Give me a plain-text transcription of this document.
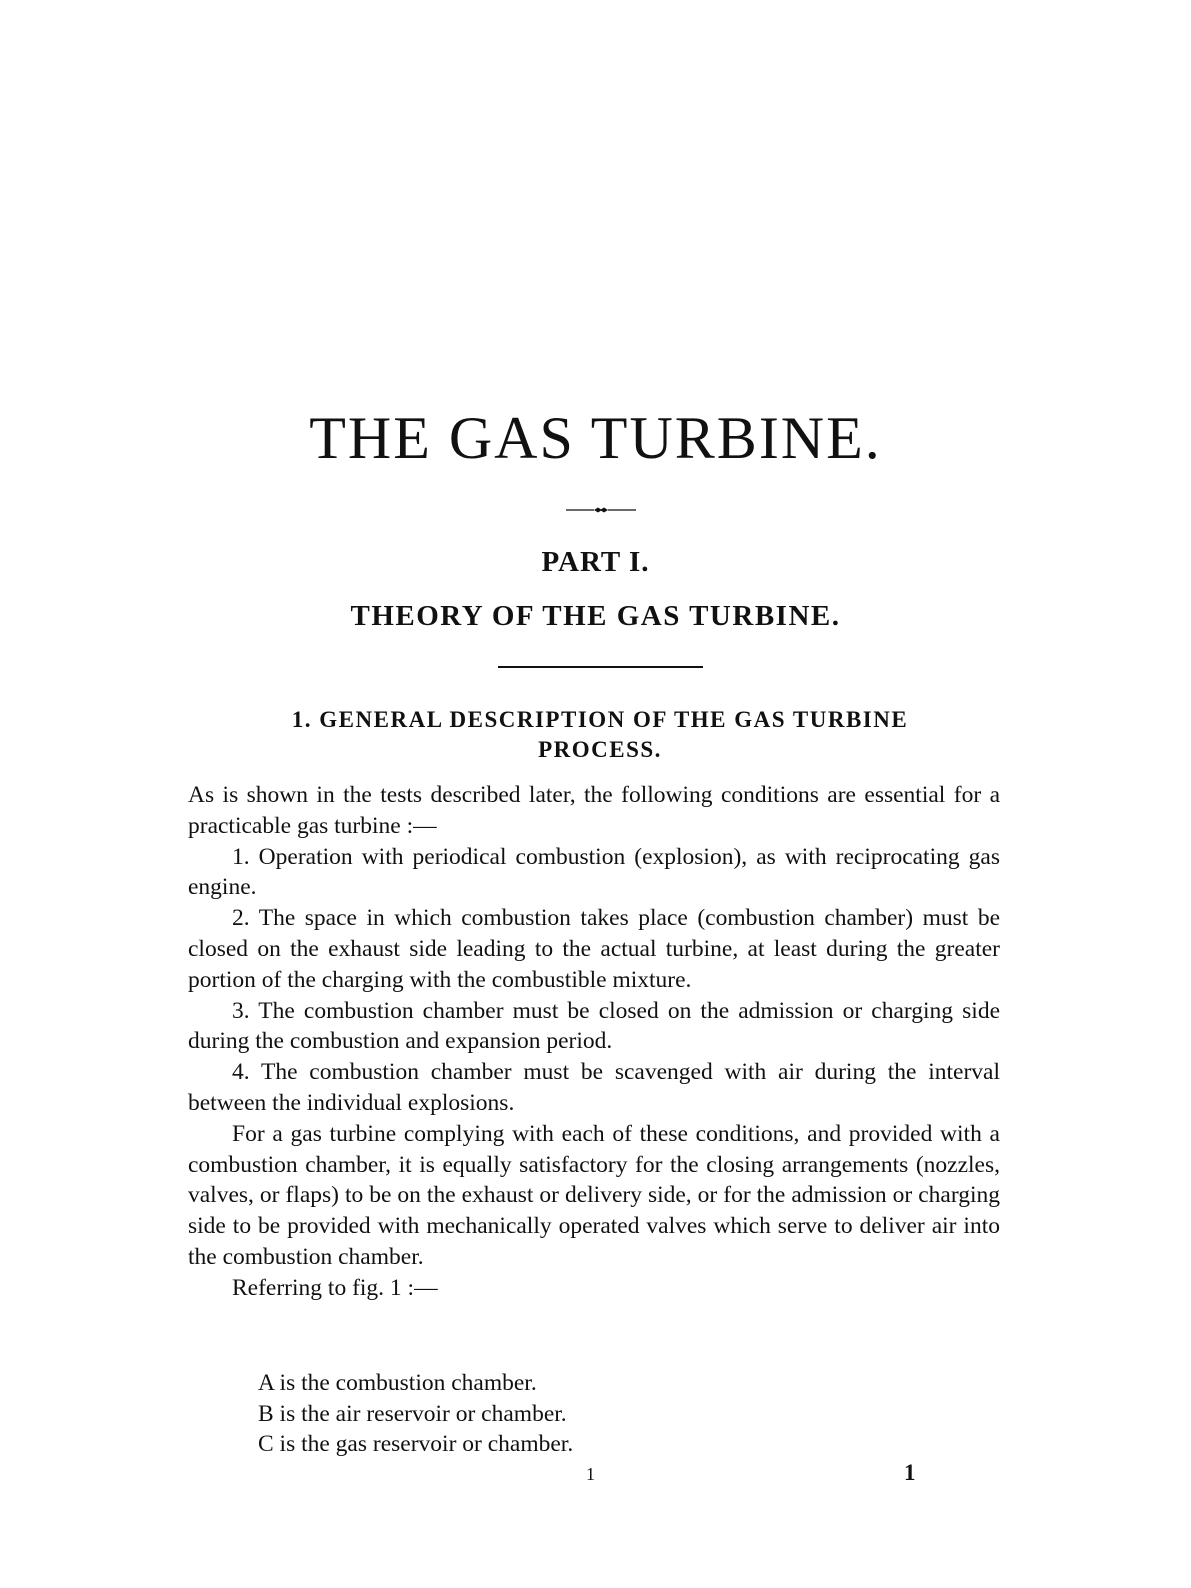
THE GAS TURBINE.
PART I.
THEORY OF THE GAS TURBINE.
1. GENERAL DESCRIPTION OF THE GAS TURBINE
PROCESS.

As is shown in the tests described later, the following conditions are essential for a practicable gas turbine :—

1. Operation with periodical combustion (explosion), as with reciprocating gas engine.

2. The space in which combustion takes place (combustion chamber) must be closed on the exhaust side leading to the actual turbine, at least during the greater portion of the charging with the combustible mixture.

3. The combustion chamber must be closed on the admission or charging side during the combustion and expansion period.

4. The combustion chamber must be scavenged with air during the interval between the individual explosions.

For a gas turbine complying with each of these conditions, and provided with a combustion chamber, it is equally satisfactory for the closing arrangements (nozzles, valves, or flaps) to be on the exhaust or delivery side, or for the admission or charging side to be provided with mechanically operated valves which serve to deliver air into the combustion chamber.

Referring to fig. 1 :—

A is the combustion chamber.
B is the air reservoir or chamber.
C is the gas reservoir or chamber.
1	1
